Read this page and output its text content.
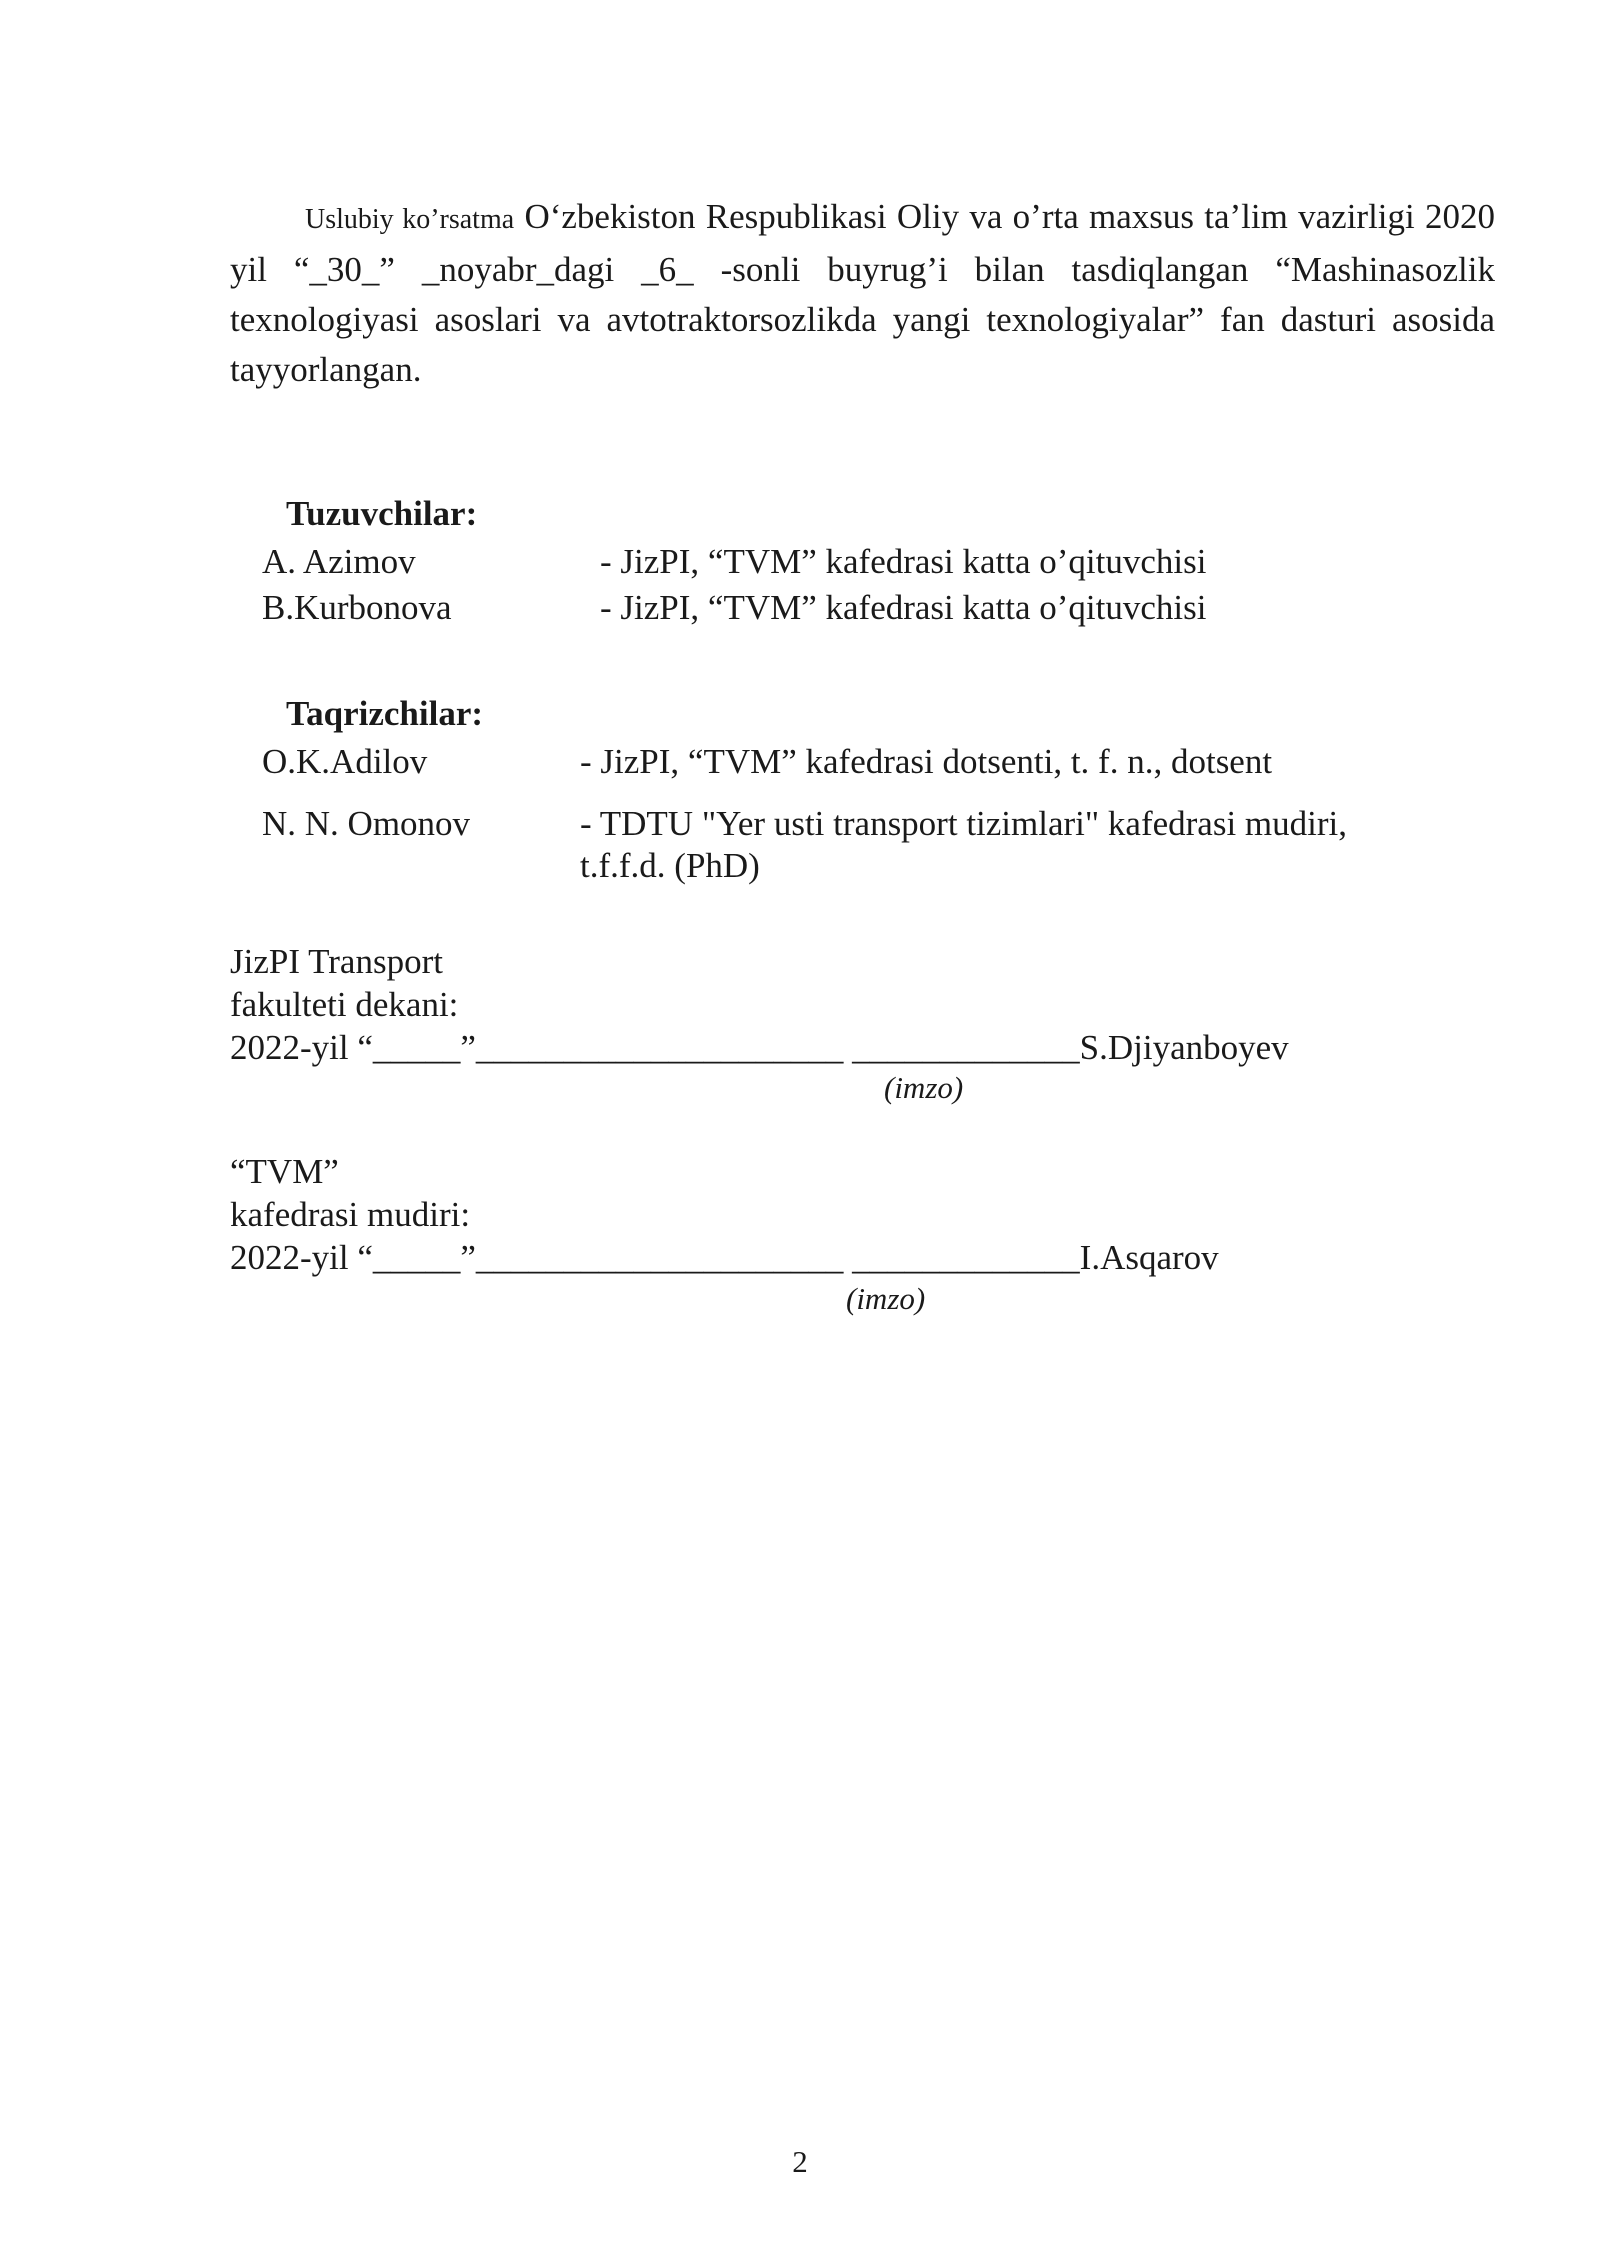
Uslubiy ko’rsatma O‘zbekiston Respublikasi Oliy va o’rta maxsus ta’lim vazirligi 2020 yil “_30_” _noyabr_dagi _6_ -sonli buyrug’i bilan tasdiqlangan “Mashinasozlik texnologiyasi asoslari va avtotraktorsozlikda yangi texnologiyalar” fan dasturi asosida tayyorlangan.
Tuzuvchilar:
A. Azimov	- JizPI, “TVM” kafedrasi katta o’qituvchisi
B.Kurbonova	- JizPI, “TVM” kafedrasi katta o’qituvchisi
Taqrizchilar:
O.K.Adilov	- JizPI, “TVM” kafedrasi dotsenti, t. f. n., dotsent
N. N. Omonov	- TDTU "Yer usti transport tizimlari" kafedrasi mudiri,
t.f.f.d. (PhD)
JizPI Transport
fakulteti dekani:
2022-yil “_____”_____________________ _____________S.Djiyanboyev
(imzo)
“TVM”
kafedrasi mudiri:
2022-yil “_____”_____________________ _____________I.Asqarov
(imzo)
2
